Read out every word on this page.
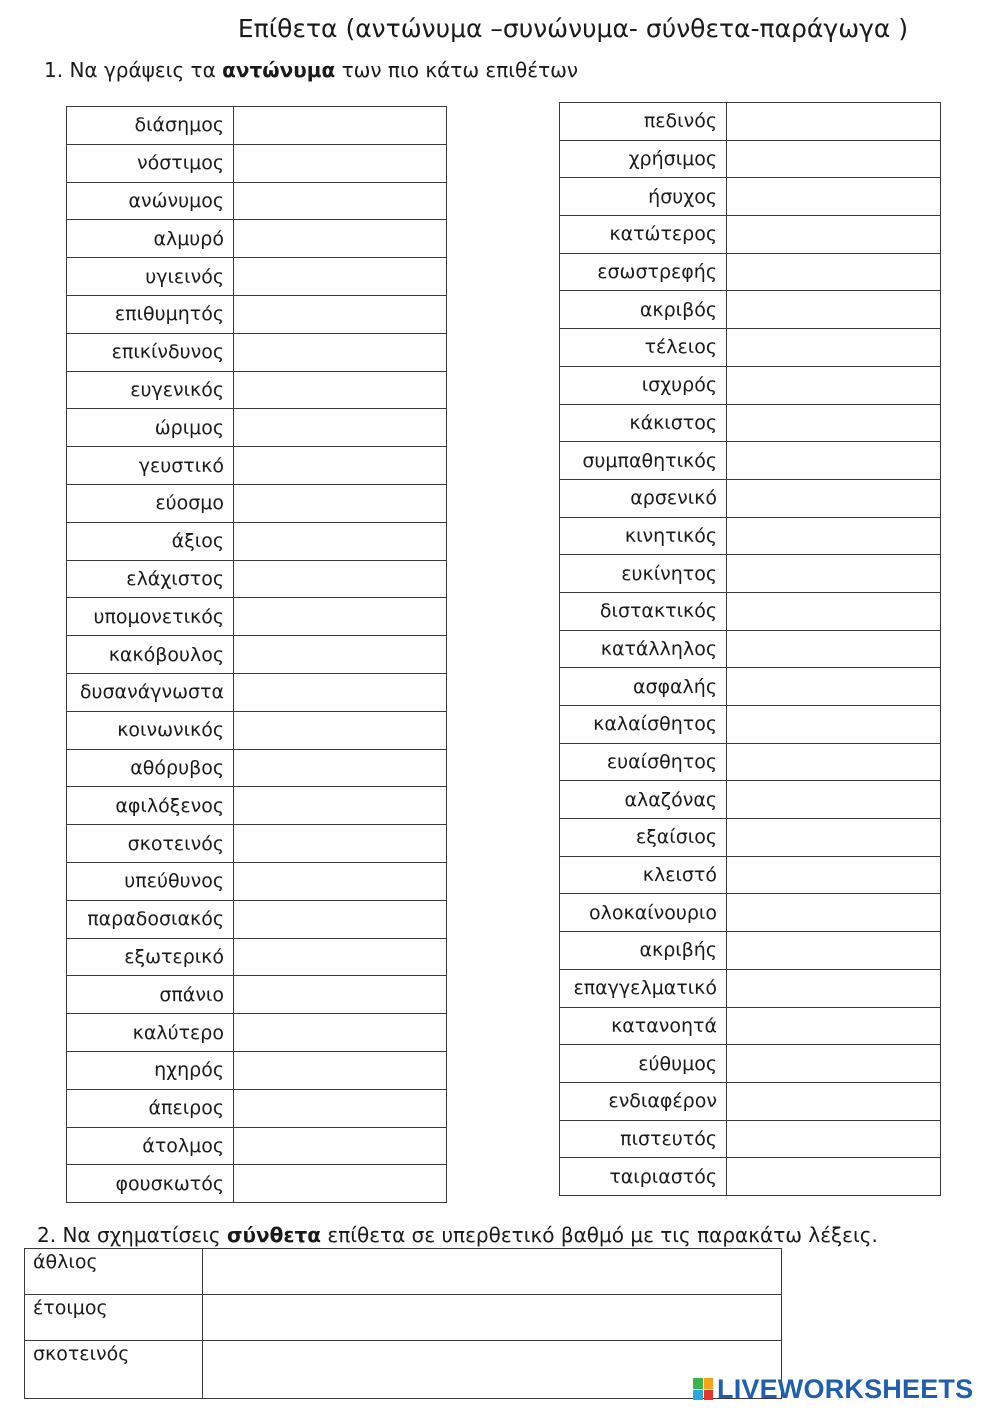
Επίθετα (αντώνυμα –συνώνυμα- σύνθετα-παράγωγα )
1. Να γράψεις τα αντώνυμα των πιο κάτω επιθέτων
διάσημος	
νόστιμος	
ανώνυμος	
αλμυρό	
υγιεινός	
επιθυμητός	
επικίνδυνος	
ευγενικός	
ώριμος	
γευστικό	
εύοσμο	
άξιος	
ελάχιστος	
υπομονετικός	
κακόβουλος	
δυσανάγνωστα	
κοινωνικός	
αθόρυβος	
αφιλόξενος	
σκοτεινός	
υπεύθυνος	
παραδοσιακός	
εξωτερικό	
σπάνιο	
καλύτερο	
ηχηρός	
άπειρος	
άτολμος	
φουσκωτός	
πεδινός	
χρήσιμος	
ήσυχος	
κατώτερος	
εσωστρεφής	
ακριβός	
τέλειος	
ισχυρός	
κάκιστος	
συμπαθητικός	
αρσενικό	
κινητικός	
ευκίνητος	
διστακτικός	
κατάλληλος	
ασφαλής	
καλαίσθητος	
ευαίσθητος	
αλαζόνας	
εξαίσιος	
κλειστό	
ολοκαίνουριο	
ακριβής	
επαγγελματικό	
κατανοητά	
εύθυμος	
ενδιαφέρον	
πιστευτός	
ταιριαστός	
2. Να σχηματίσεις σύνθετα επίθετα σε υπερθετικό βαθμό με τις παρακάτω λέξεις.
άθλιος	
έτοιμος	
σκοτεινός	
LIVEWORKSHEETS
